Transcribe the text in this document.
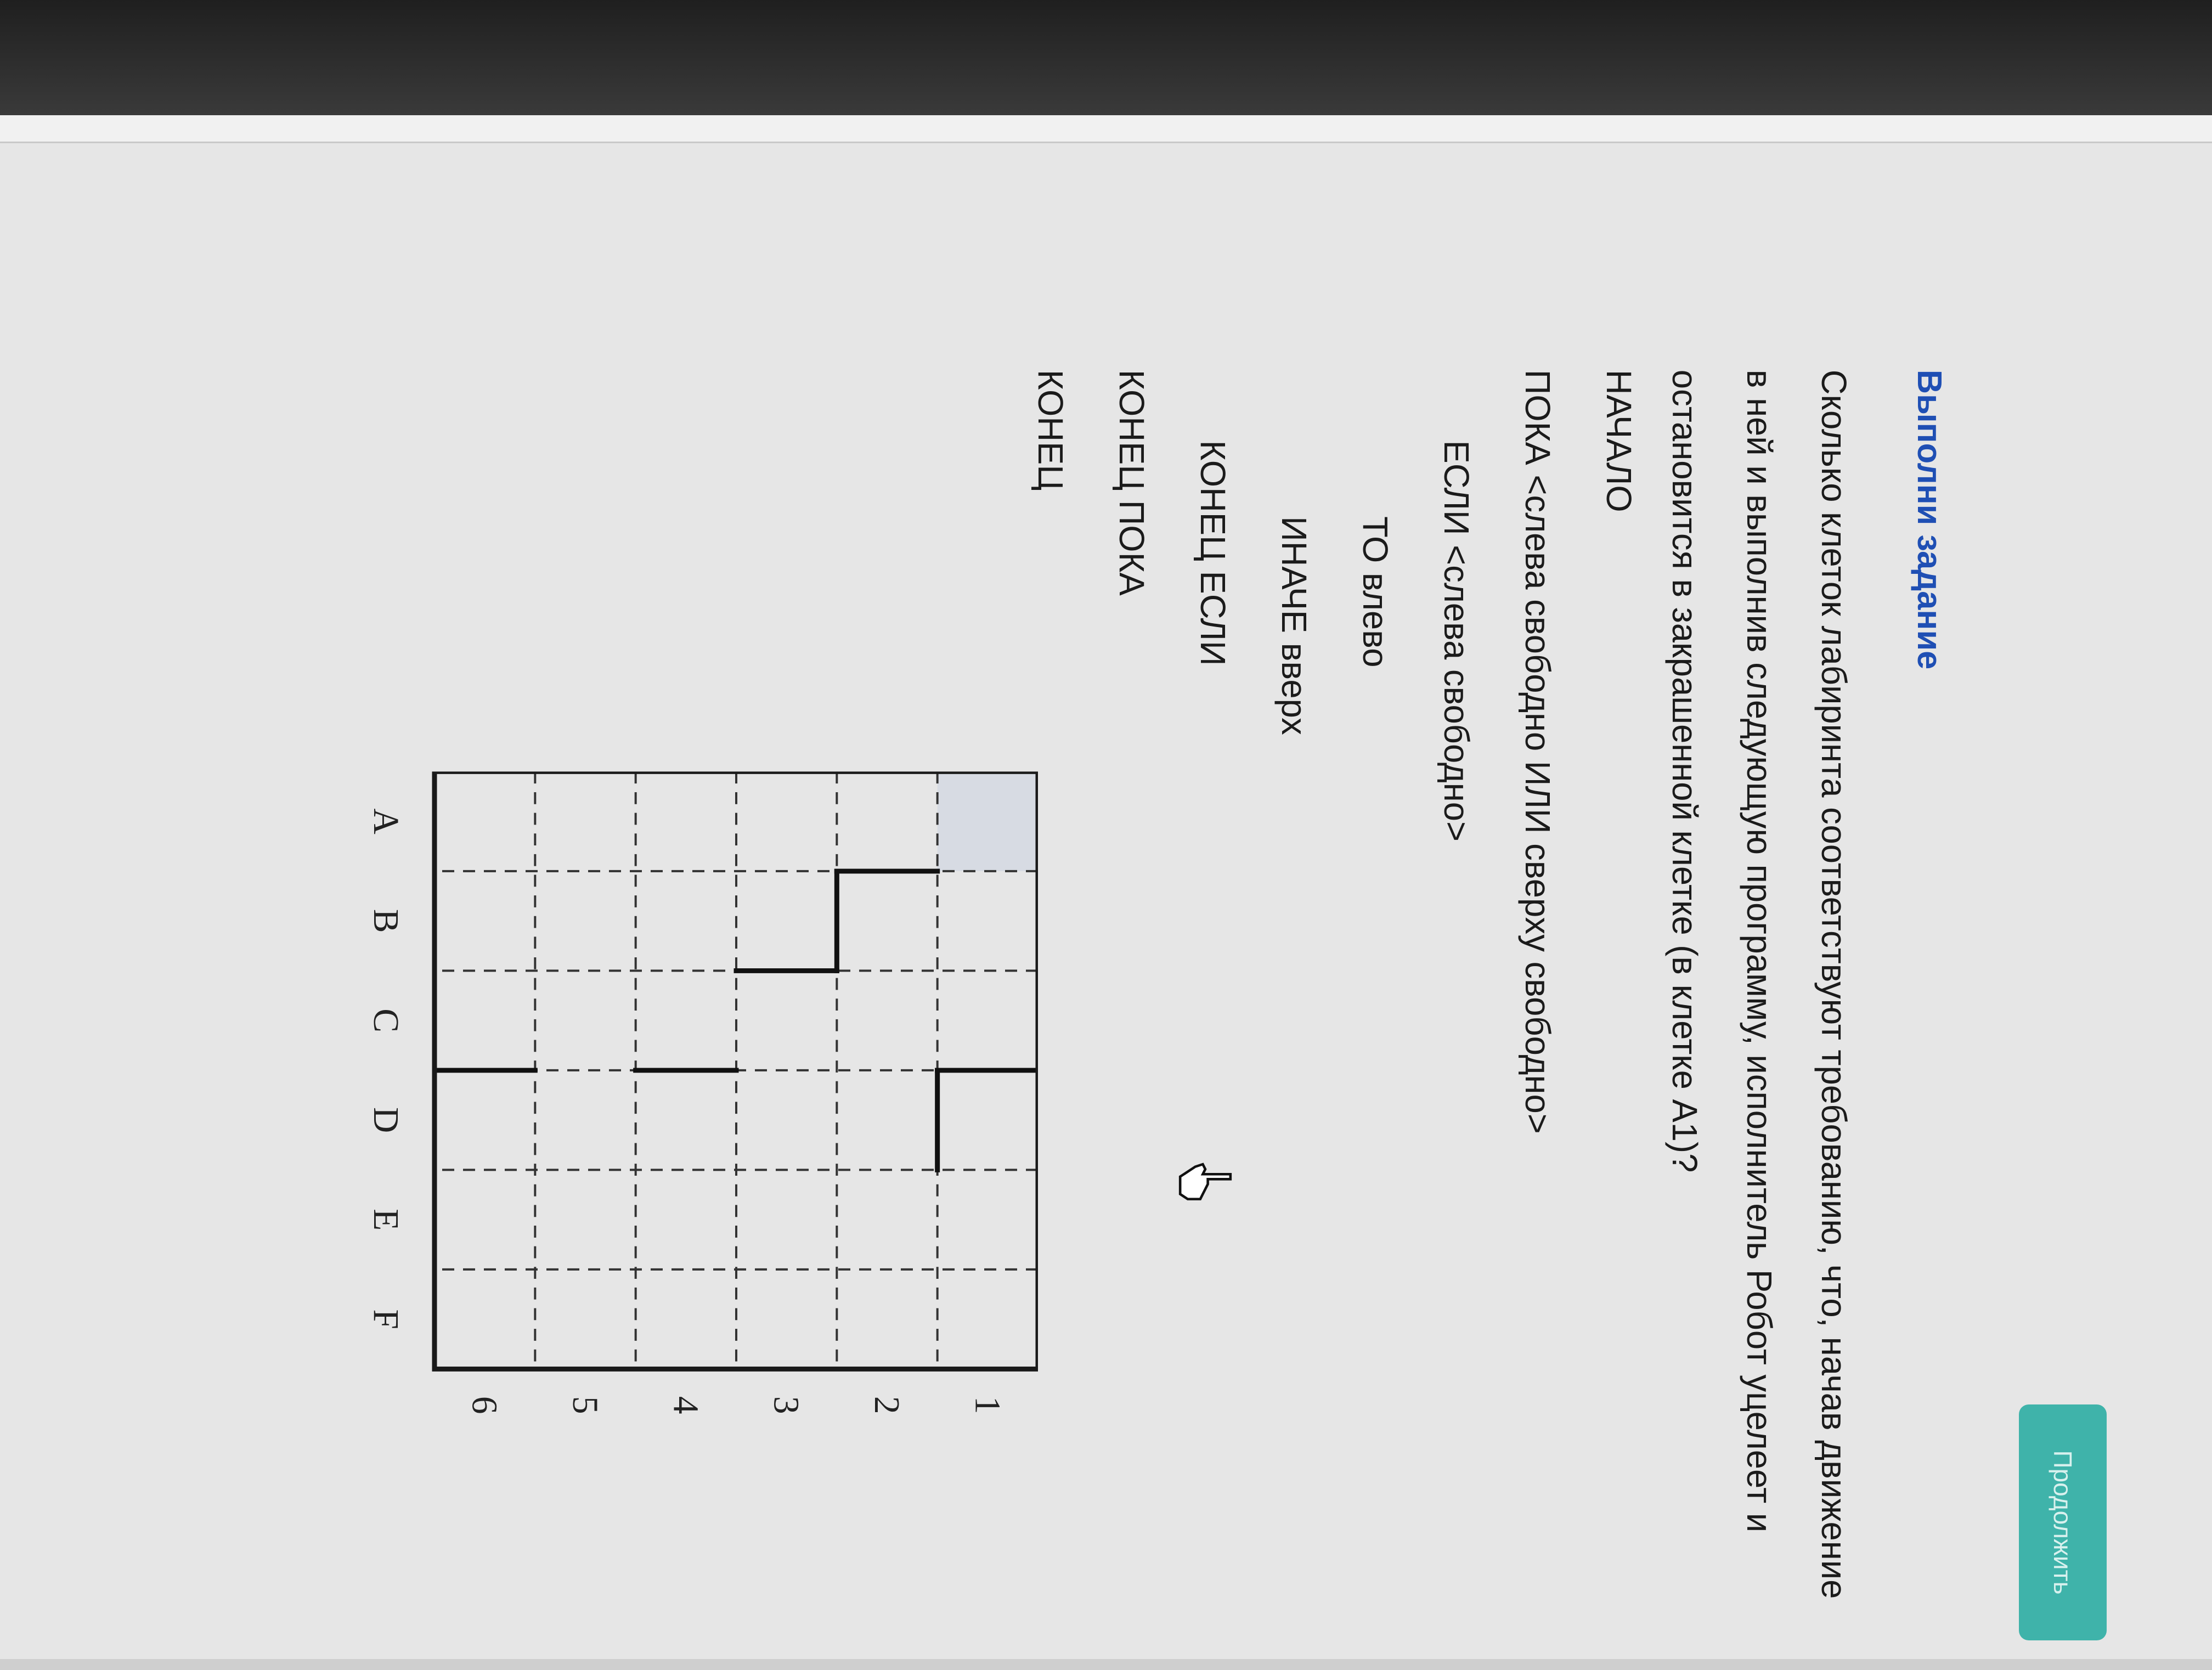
Выполни задание

Сколько клеток лабиринта соответствуют требованию, что, начав движение в ней и выполнив следующую программу, исполнитель Робот уцелеет и остановится в закрашенной клетке (в клетке A1)?

НАЧАЛО
ПОКА <слева свободно ИЛИ сверху свободно>
ЕСЛИ <слева свободно>
ТО влево
ИНАЧЕ вверх
КОНЕЦ ЕСЛИ
КОНЕЦ ПОКА
КОНЕЦ
A
B
C
D
E
F
1
2
3
4
5
6
Продолжить
